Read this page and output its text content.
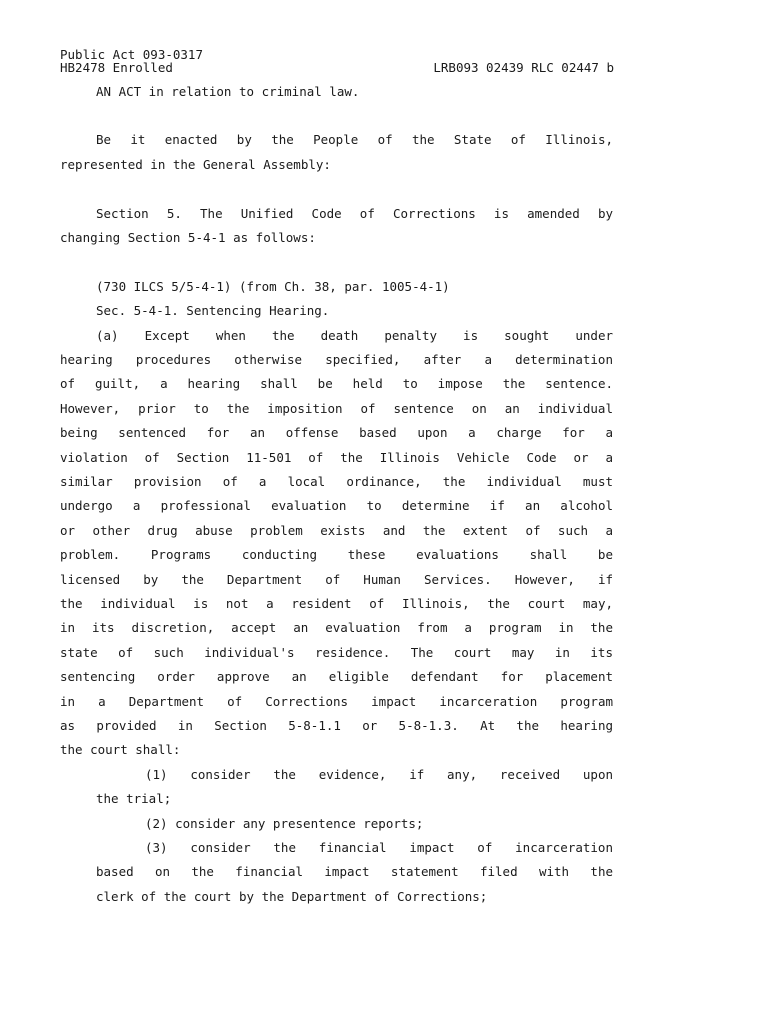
Public Act 093-0317
HB2478 Enrolled	LRB093 02439 RLC 02447 b
AN ACT in relation to criminal law.
Be it enacted by the People of the State of Illinois,
represented in the General Assembly:
Section 5. The Unified Code of Corrections is amended by
changing Section 5-4-1 as follows:
(730 ILCS 5/5-4-1) (from Ch. 38, par. 1005-4-1)
Sec. 5-4-1. Sentencing Hearing.
(a) Except when the death penalty is sought under
hearing procedures otherwise specified, after a determination
of guilt, a hearing shall be held to impose the sentence.
However, prior to the imposition of sentence on an individual
being sentenced for an offense based upon a charge for a
violation of Section 11-501 of the Illinois Vehicle Code or a
similar provision of a local ordinance, the individual must
undergo a professional evaluation to determine if an alcohol
or other drug abuse problem exists and the extent of such a
problem. Programs conducting these evaluations shall be
licensed by the Department of Human Services. However, if
the individual is not a resident of Illinois, the court may,
in its discretion, accept an evaluation from a program in the
state of such individual's residence. The court may in its
sentencing order approve an eligible defendant for placement
in a Department of Corrections impact incarceration program
as provided in Section 5-8-1.1 or 5-8-1.3. At the hearing
the court shall:
(1) consider the evidence, if any, received upon
the trial;
(2) consider any presentence reports;
(3) consider the financial impact of incarceration
based on the financial impact statement filed with the
clerk of the court by the Department of Corrections;
